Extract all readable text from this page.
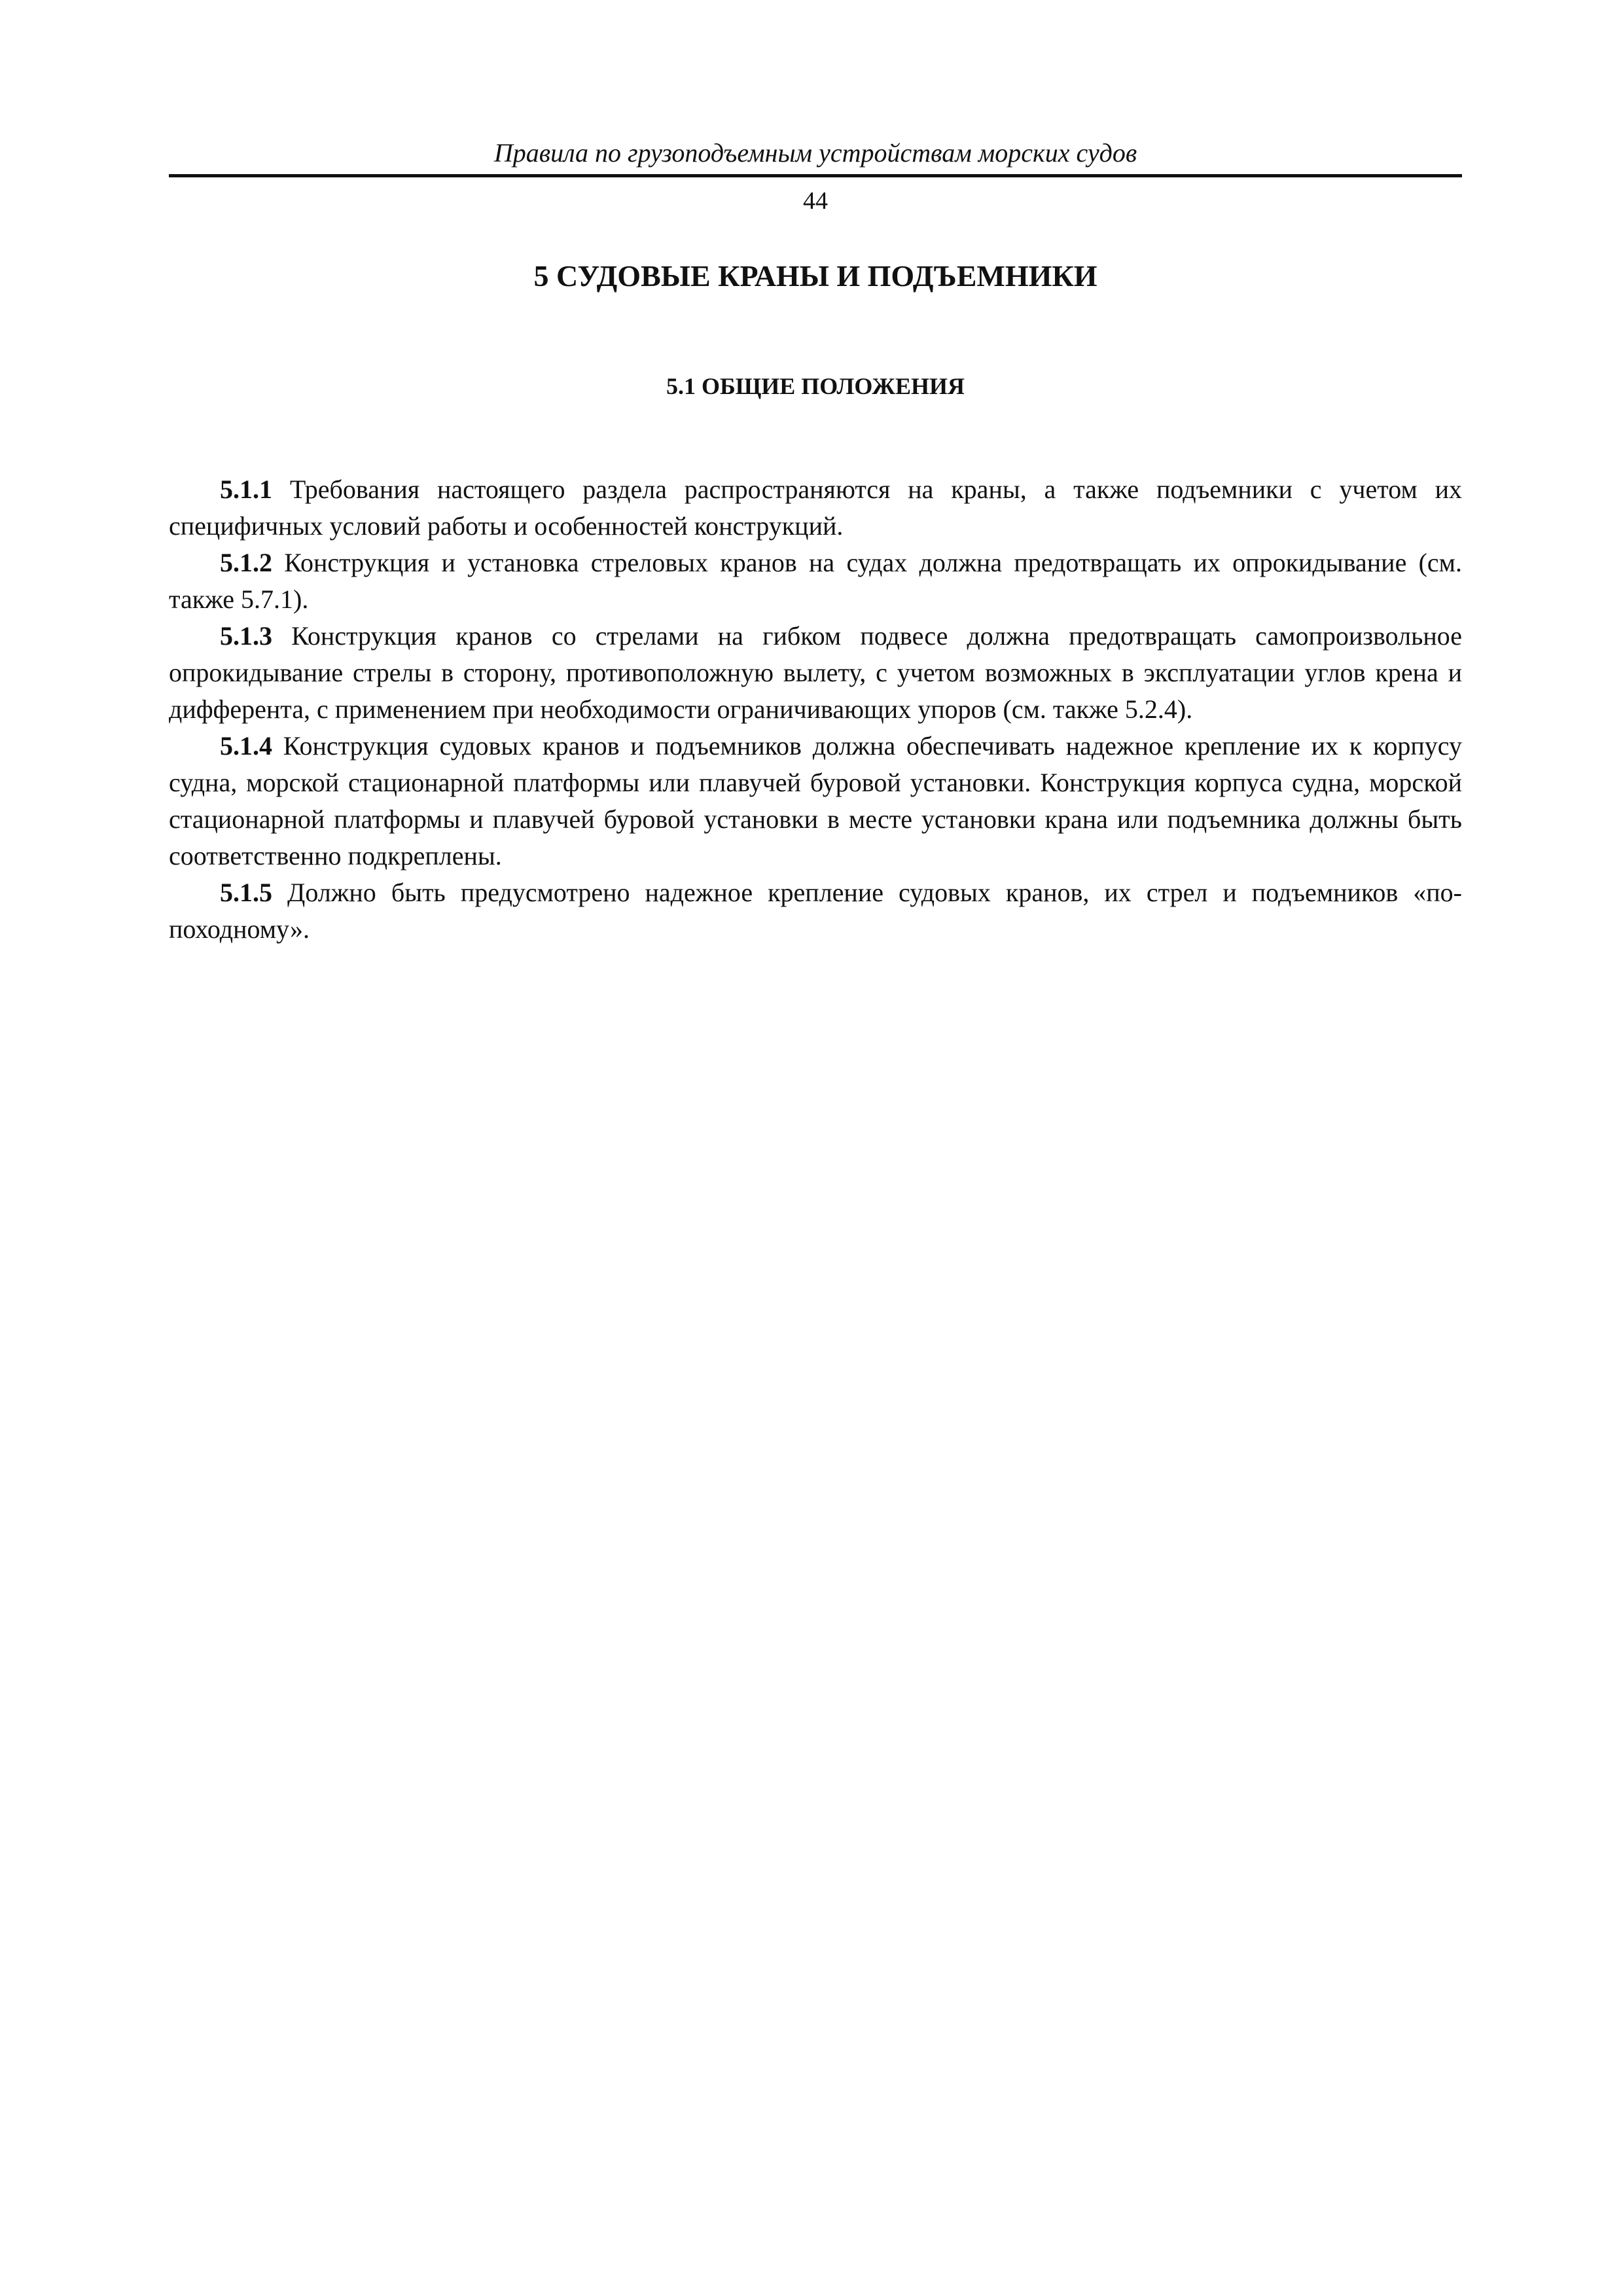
Правила по грузоподъемным устройствам морских судов
44
5 СУДОВЫЕ КРАНЫ И ПОДЪЕМНИКИ
5.1 ОБЩИЕ ПОЛОЖЕНИЯ

5.1.1 Требования настоящего раздела распространяются на краны, а также подъемники с учетом их специфичных условий работы и особенностей конструкций.

5.1.2 Конструкция и установка стреловых кранов на судах должна предотвращать их опрокидывание (см. также 5.7.1).

5.1.3 Конструкция кранов со стрелами на гибком подвесе должна предотвращать самопроизвольное опрокидывание стрелы в сторону, противоположную вылету, с учетом возможных в эксплуатации углов крена и дифферента, с применением при необходимости ограничивающих упоров (см. также 5.2.4).

5.1.4 Конструкция судовых кранов и подъемников должна обеспечивать надежное крепление их к корпусу судна, морской стационарной платформы или плавучей буровой установки. Конструкция корпуса судна, морской стационарной платформы и плавучей буровой установки в месте установки крана или подъемника должны быть соответственно подкреплены.

5.1.5 Должно быть предусмотрено надежное крепление судовых кранов, их стрел и подъемников «по-походному».
